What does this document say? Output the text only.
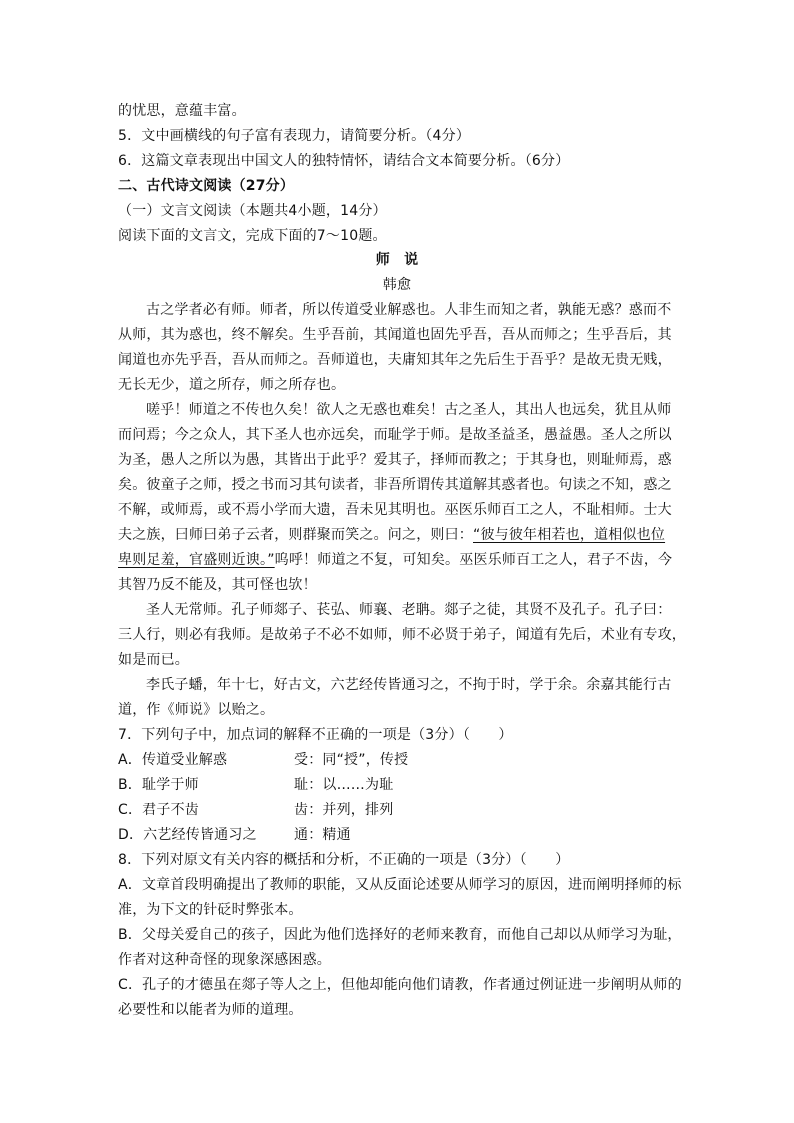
的忧思，意蕴丰富。
5．文中画横线的句子富有表现力，请简要分析。（4分）
6．这篇文章表现出中国文人的独特情怀，请结合文本简要分析。（6分）
二、古代诗文阅读（27分）
（一）文言文阅读（本题共4小题，14分）
阅读下面的文言文，完成下面的7～10题。
师　说
韩愈
古之学者必有师。师者，所以传道受业解惑也。人非生而知之者，孰能无惑？惑而不
从师，其为惑也，终不解矣。生乎吾前，其闻道也固先乎吾，吾从而师之；生乎吾后，其
闻道也亦先乎吾，吾从而师之。吾师道也，夫庸知其年之先后生于吾乎？是故无贵无贱，
无长无少，道之所存，师之所存也。
嗟乎！师道之不传也久矣！欲人之无惑也难矣！古之圣人，其出人也远矣，犹且从师
而问焉；今之众人，其下圣人也亦远矣，而耻学于师。是故圣益圣，愚益愚。圣人之所以
为圣，愚人之所以为愚，其皆出于此乎？爱其子，择师而教之；于其身也，则耻师焉，惑
矣。彼童子之师，授之书而习其句读者，非吾所谓传其道解其惑者也。句读之不知，惑之
不解，或师焉，或不焉小学而大遗，吾未见其明也。巫医乐师百工之人，不耻相师。士大
夫之族，曰师曰弟子云者，则群聚而笑之。问之，则曰：“彼与彼年相若也，道相似也位
卑则足羞，官盛则近谀。”呜呼！师道之不复，可知矣。巫医乐师百工之人，君子不齿，今
其智乃反不能及，其可怪也欤！
圣人无常师。孔子师郯子、苌弘、师襄、老聃。郯子之徒，其贤不及孔子。孔子曰：
三人行，则必有我师。是故弟子不必不如师，师不必贤于弟子，闻道有先后，术业有专攻，
如是而已。
李氏子蟠，年十七，好古文，六艺经传皆通习之，不拘于时，学于余。余嘉其能行古
道，作《师说》以贻之。
7．下列句子中，加点词的解释不正确的一项是（3分）（　　）
A．传道受业解惑	受：同“授”，传授
B．耻学于师	耻：以……为耻
C．君子不齿	齿：并列，排列
D．六艺经传皆通习之	通：精通
8．下列对原文有关内容的概括和分析，不正确的一项是（3分）（　　）
A．文章首段明确提出了教师的职能，又从反面论述要从师学习的原因，进而阐明择师的标
准，为下文的针砭时弊张本。
B．父母关爱自己的孩子，因此为他们选择好的老师来教育，而他自己却以从师学习为耻，
作者对这种奇怪的现象深感困惑。
C．孔子的才德虽在郯子等人之上，但他却能向他们请教，作者通过例证进一步阐明从师的
必要性和以能者为师的道理。
